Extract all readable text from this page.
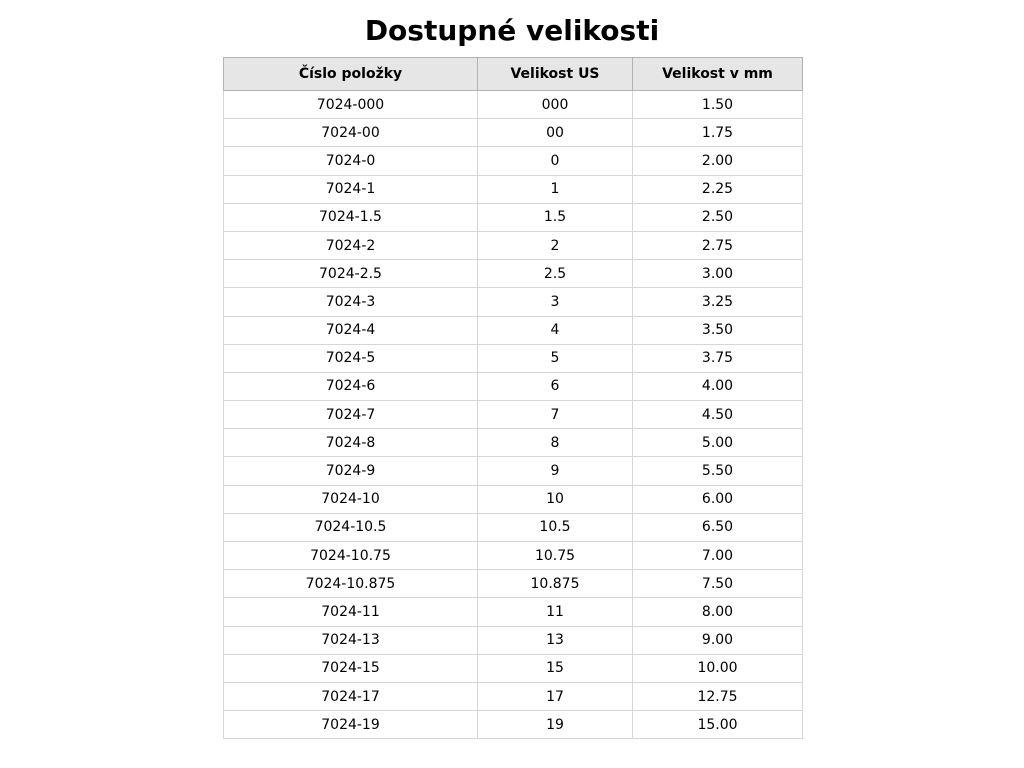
Dostupné velikosti
Číslo položky	Velikost US	Velikost v mm
7024-000	000	1.50
7024-00	00	1.75
7024-0	0	2.00
7024-1	1	2.25
7024-1.5	1.5	2.50
7024-2	2	2.75
7024-2.5	2.5	3.00
7024-3	3	3.25
7024-4	4	3.50
7024-5	5	3.75
7024-6	6	4.00
7024-7	7	4.50
7024-8	8	5.00
7024-9	9	5.50
7024-10	10	6.00
7024-10.5	10.5	6.50
7024-10.75	10.75	7.00
7024-10.875	10.875	7.50
7024-11	11	8.00
7024-13	13	9.00
7024-15	15	10.00
7024-17	17	12.75
7024-19	19	15.00
